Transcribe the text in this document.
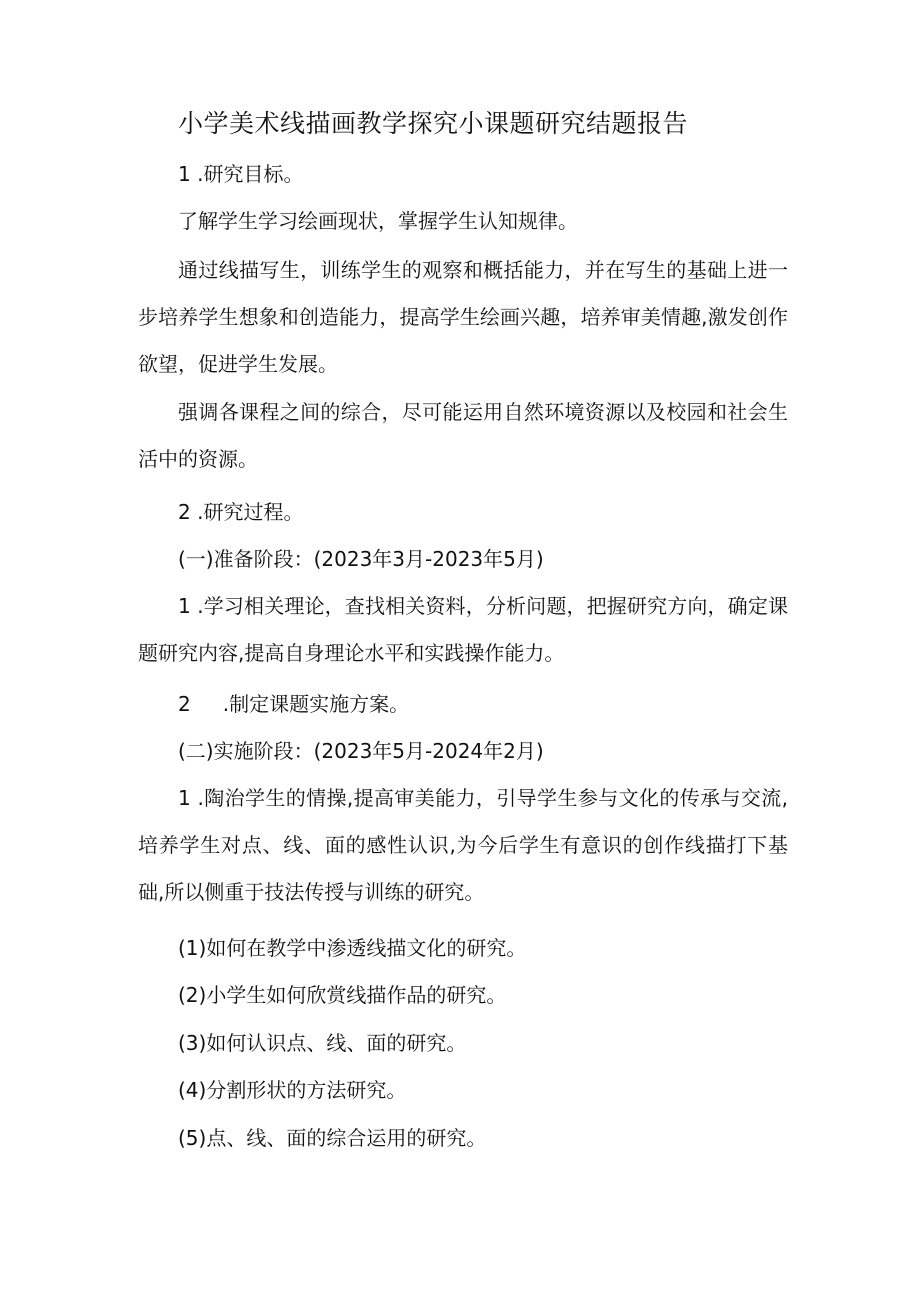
小学美术线描画教学探究小课题研究结题报告

1 .研究目标。

了解学生学习绘画现状，掌握学生认知规律。

通过线描写生，训练学生的观察和概括能力，并在写生的基础上进一步培养学生想象和创造能力，提高学生绘画兴趣，培养审美情趣,激发创作欲望，促进学生发展。

强调各课程之间的综合，尽可能运用自然环境资源以及校园和社会生活中的资源。

2 .研究过程。

(一)准备阶段：(2023年3月-2023年5月)

1 .学习相关理论，查找相关资料，分析问题，把握研究方向，确定课题研究内容,提高自身理论水平和实践操作能力。

2 .制定课题实施方案。

(二)实施阶段：(2023年5月-2024年2月)

1 .陶治学生的情操,提高审美能力，引导学生参与文化的传承与交流,培养学生对点、线、面的感性认识,为今后学生有意识的创作线描打下基础,所以侧重于技法传授与训练的研究。

(1)如何在教学中渗透线描文化的研究。

(2)小学生如何欣赏线描作品的研究。

(3)如何认识点、线、面的研究。

(4)分割形状的方法研究。

(5)点、线、面的综合运用的研究。
